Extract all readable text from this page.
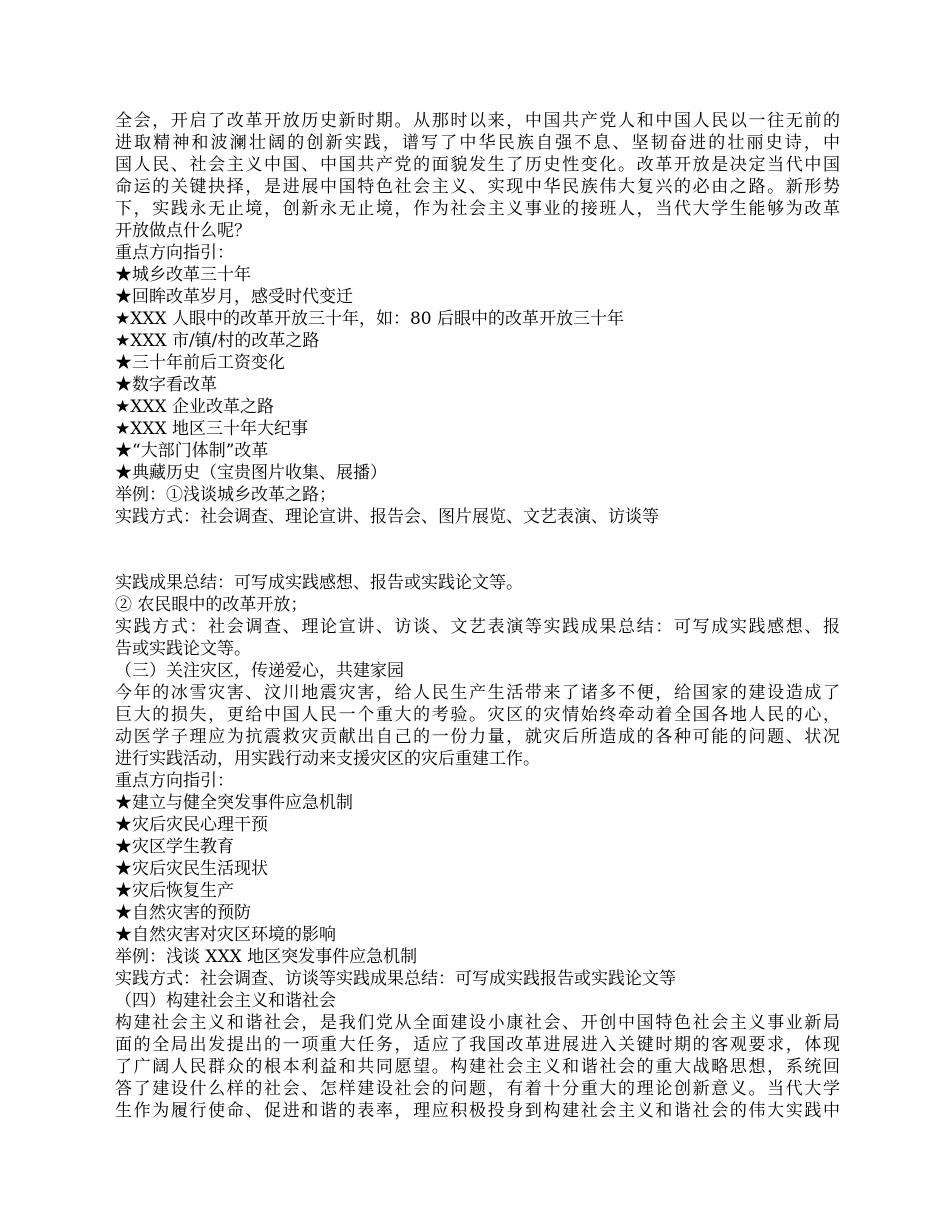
全会，开启了改革开放历史新时期。从那时以来，中国共产党人和中国人民以一往无前的

进取精神和波澜壮阔的创新实践，谱写了中华民族自强不息、坚韧奋进的壮丽史诗，中

国人民、社会主义中国、中国共产党的面貌发生了历史性变化。改革开放是决定当代中国

命运的关键抉择，是进展中国特色社会主义、实现中华民族伟大复兴的必由之路。新形势

下，实践永无止境，创新永无止境，作为社会主义事业的接班人，当代大学生能够为改革

开放做点什么呢？

重点方向指引：

★城乡改革三十年

★回眸改革岁月，感受时代变迁

★XXX 人眼中的改革开放三十年，如：80 后眼中的改革开放三十年

★XXX 市/镇/村的改革之路

★三十年前后工资变化

★数字看改革

★XXX 企业改革之路

★XXX 地区三十年大纪事

★“大部门体制”改革

★典藏历史（宝贵图片收集、展播）

举例：①浅谈城乡改革之路；

实践方式：社会调查、理论宣讲、报告会、图片展览、文艺表演、访谈等

实践成果总结：可写成实践感想、报告或实践论文等。

② 农民眼中的改革开放；

实践方式：社会调查、理论宣讲、访谈、文艺表演等实践成果总结：可写成实践感想、报

告或实践论文等。

（三）关注灾区，传递爱心，共建家园

今年的冰雪灾害、汶川地震灾害，给人民生产生活带来了诸多不便，给国家的建设造成了

巨大的损失，更给中国人民一个重大的考验。灾区的灾情始终牵动着全国各地人民的心，

动医学子理应为抗震救灾贡献出自己的一份力量，就灾后所造成的各种可能的问题、状况

进行实践活动，用实践行动来支援灾区的灾后重建工作。

重点方向指引：

★建立与健全突发事件应急机制

★灾后灾民心理干预

★灾区学生教育

★灾后灾民生活现状

★灾后恢复生产

★自然灾害的预防

★自然灾害对灾区环境的影响

举例：浅谈 XXX 地区突发事件应急机制

实践方式：社会调查、访谈等实践成果总结：可写成实践报告或实践论文等

（四）构建社会主义和谐社会

构建社会主义和谐社会，是我们党从全面建设小康社会、开创中国特色社会主义事业新局

面的全局出发提出的一项重大任务，适应了我国改革进展进入关键时期的客观要求，体现

了广阔人民群众的根本利益和共同愿望。构建社会主义和谐社会的重大战略思想，系统回

答了建设什么样的社会、怎样建设社会的问题，有着十分重大的理论创新意义。当代大学

生作为履行使命、促进和谐的表率，理应积极投身到构建社会主义和谐社会的伟大实践中
